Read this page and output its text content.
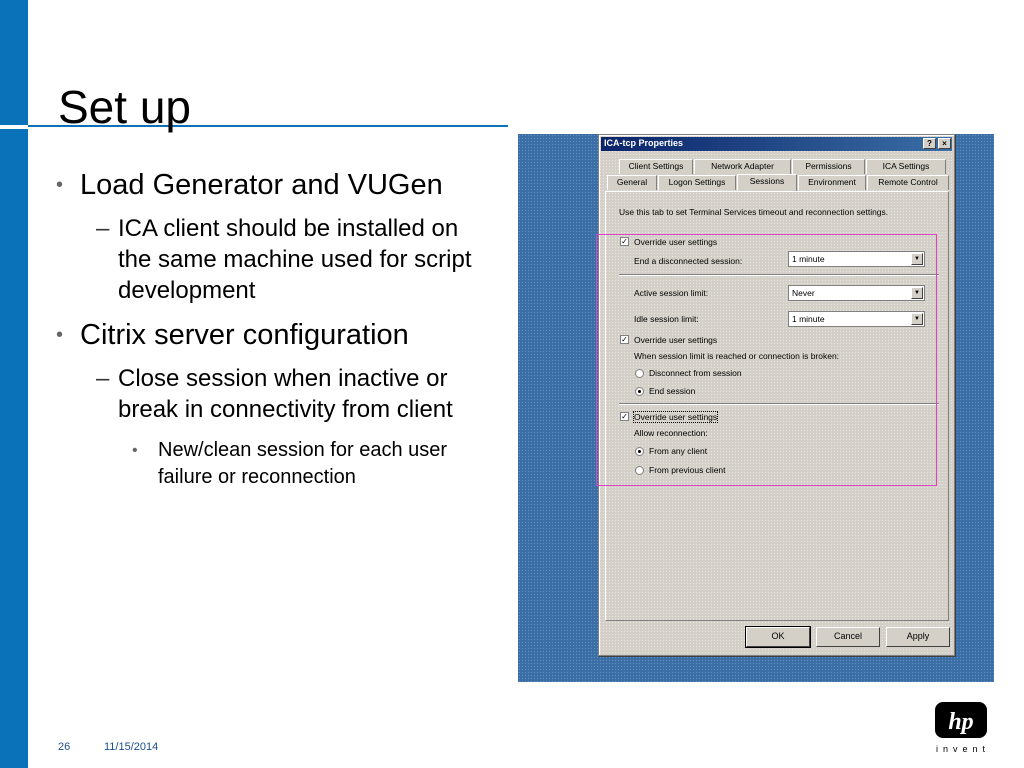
Set up
• Load Generator and VUGen
– ICA client should be installed on the same machine used for script development
• Citrix server configuration
– Close session when inactive or break in connectivity from client
• New/clean session for each user failure or reconnection
ICA-tcp Properties	?	×
Client Settings	Network Adapter	Permissions	ICA Settings
General	Logon Settings	Sessions	Environment	Remote Control
Use this tab to set Terminal Services timeout and reconnection settings.
✓ Override user settings
End a disconnected session:	1 minute	▼
Active session limit:	Never	▼
Idle session limit:	1 minute	▼
✓ Override user settings
When session limit is reached or connection is broken:
Disconnect from session
End session
✓ Override user settings
Allow reconnection:
From any client
From previous client
OK	Cancel	Apply
26	11/15/2014
hp
invent
